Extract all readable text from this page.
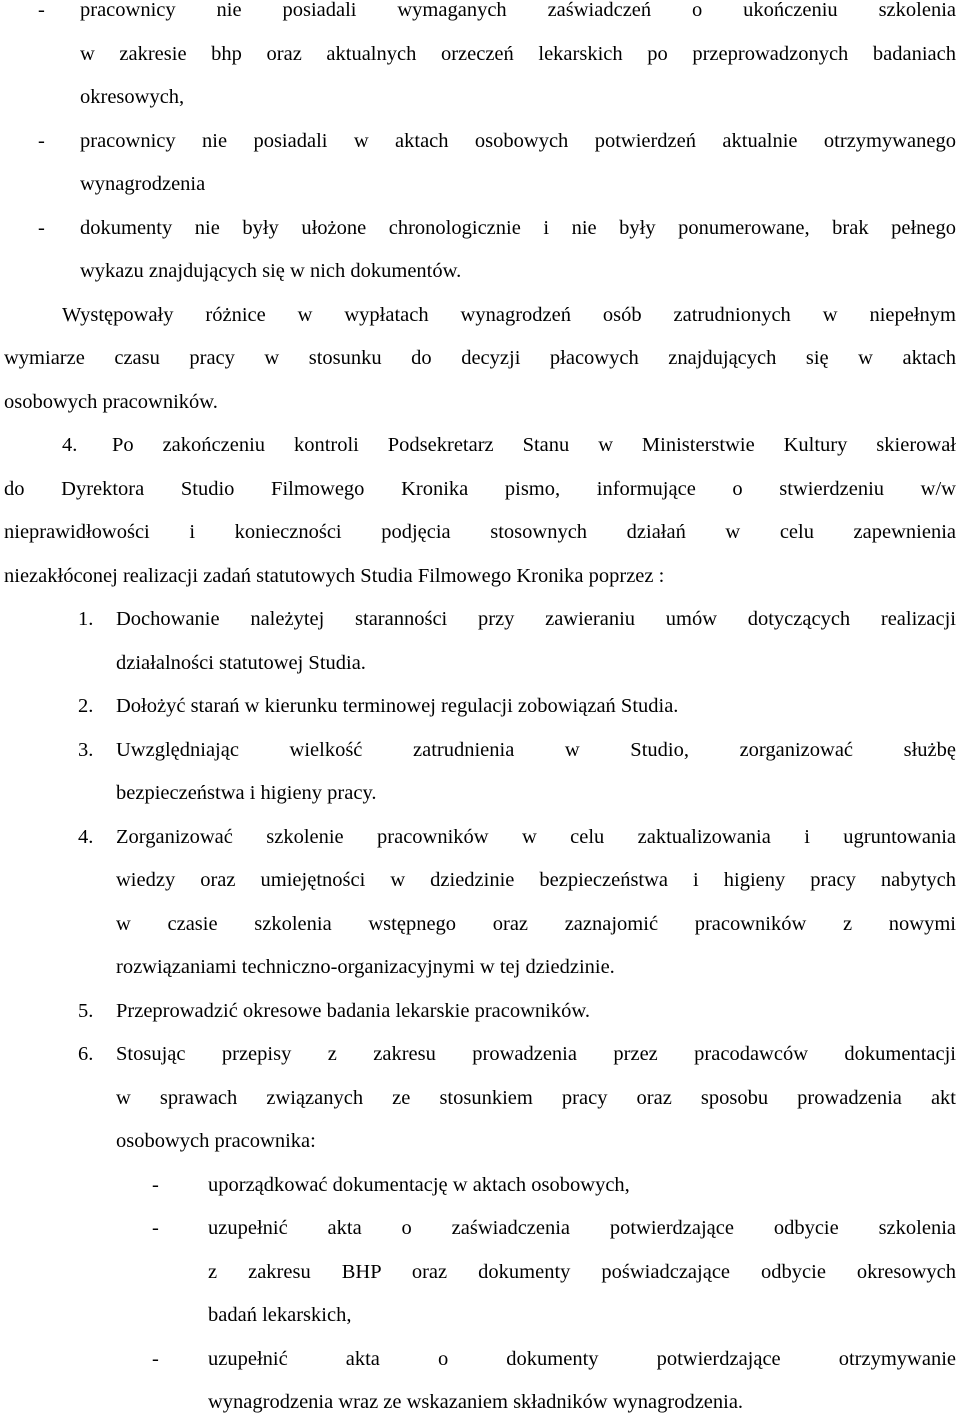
- pracownicy nie posiadali wymaganych zaświadczeń o ukończeniu szkolenia
w zakresie bhp oraz aktualnych orzeczeń lekarskich po przeprowadzonych badaniach
okresowych,
- pracownicy nie posiadali w aktach osobowych potwierdzeń aktualnie otrzymywanego
wynagrodzenia
- dokumenty nie były ułożone chronologicznie i nie były ponumerowane, brak pełnego
wykazu znajdujących się w nich dokumentów.
Występowały różnice w wypłatach wynagrodzeń osób zatrudnionych w niepełnym
wymiarze czasu pracy w stosunku do decyzji płacowych znajdujących się w aktach
osobowych pracowników.
4. Po zakończeniu kontroli Podsekretarz Stanu w Ministerstwie Kultury skierował
do Dyrektora Studio Filmowego Kronika pismo, informujące o stwierdzeniu w/w
nieprawidłowości i konieczności podjęcia stosownych działań w celu zapewnienia
niezakłóconej realizacji zadań statutowych Studia Filmowego Kronika poprzez :
1. Dochowanie należytej staranności przy zawieraniu umów dotyczących realizacji
działalności statutowej Studia.
2. Dołożyć starań w kierunku terminowej regulacji zobowiązań Studia.
3. Uwzględniając wielkość zatrudnienia w Studio, zorganizować służbę
bezpieczeństwa i higieny pracy.
4. Zorganizować szkolenie pracowników w celu zaktualizowania i ugruntowania
wiedzy oraz umiejętności w dziedzinie bezpieczeństwa i higieny pracy nabytych
w czasie szkolenia wstępnego oraz zaznajomić pracowników z nowymi
rozwiązaniami techniczno-organizacyjnymi w tej dziedzinie.
5. Przeprowadzić okresowe badania lekarskie pracowników.
6. Stosując przepisy z zakresu prowadzenia przez pracodawców dokumentacji
w sprawach związanych ze stosunkiem pracy oraz sposobu prowadzenia akt
osobowych pracownika:
- uporządkować dokumentację w aktach osobowych,
- uzupełnić akta o zaświadczenia potwierdzające odbycie szkolenia
z zakresu BHP oraz dokumenty poświadczające odbycie okresowych
badań lekarskich,
- uzupełnić akta o dokumenty potwierdzające otrzymywanie
wynagrodzenia wraz ze wskazaniem składników wynagrodzenia.
